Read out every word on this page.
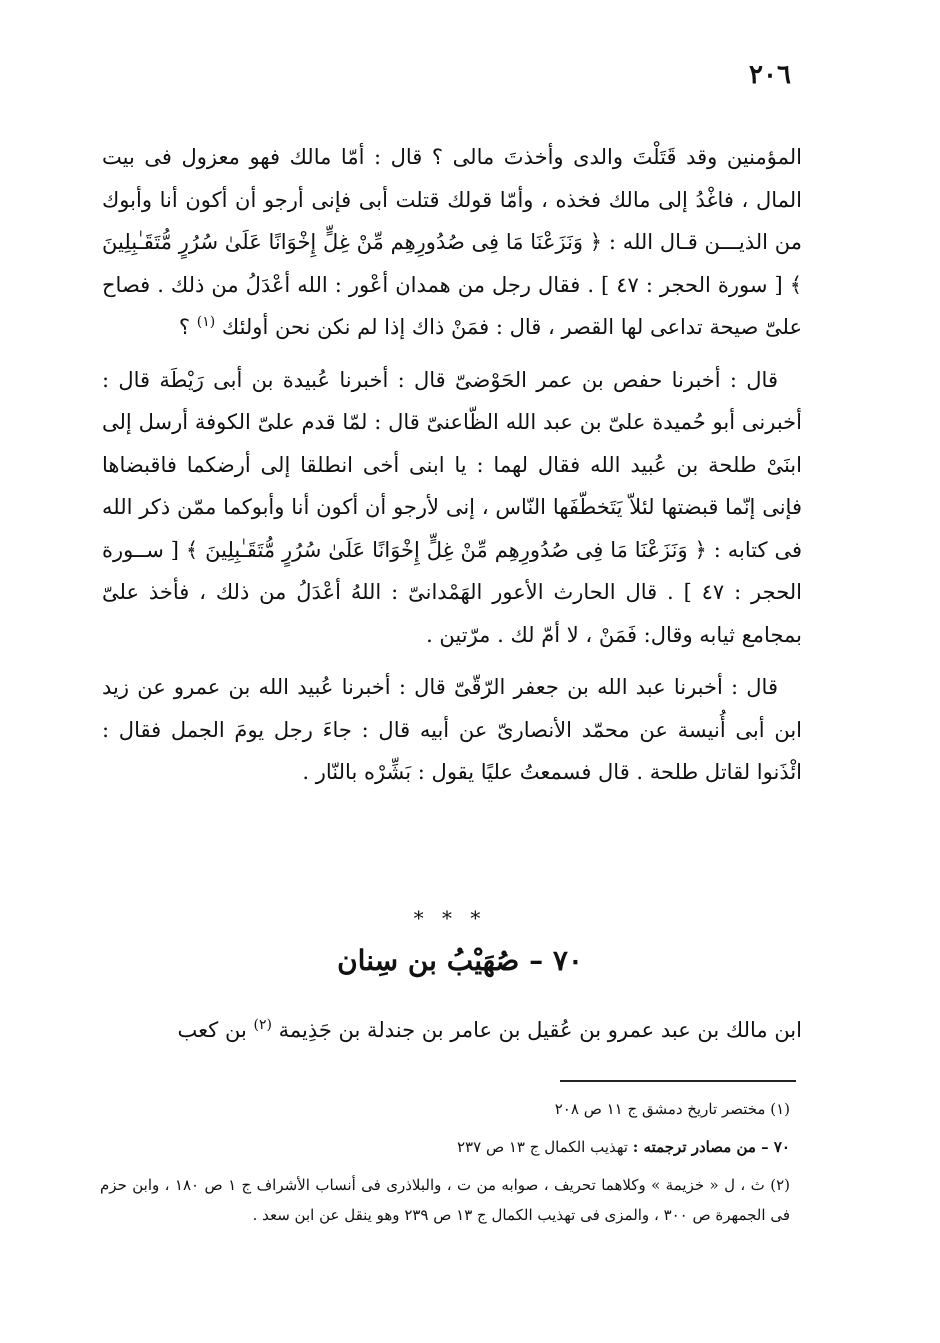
٢٠٦

المؤمنين وقد قَتَلْتَ والدى وأخذتَ مالى ؟ قال : أمّا مالك فهو معزول فى بيت المال ، فاغْدُ إلى مالك فخذه ، وأمّا قولك قتلت أبى فإنى أرجو أن أكون أنا وأبوك من الذيـــن قـال الله : ﴿ وَنَزَعْنَا مَا فِى صُدُورِهِم مِّنْ غِلٍّ إِخْوَانًا عَلَىٰ سُرُرٍ مُّتَقَـٰبِلِينَ ﴾ [ سورة الحجر : ٤٧ ] . فقال رجل من همدان أعْور : الله أعْدَلُ من ذلك . فصاح علىّ صيحة تداعى لها القصر ، قال : فمَنْ ذاك إذا لم نكن نحن أولئك $^{(١)}$ ؟

قال : أخبرنا حفص بن عمر الحَوْضىّ قال : أخبرنا عُبيدة بن أبى رَيْطَة قال : أخبرنى أبو حُميدة علىّ بن عبد الله الظّاعنىّ قال : لمّا قدم علىّ الكوفة أرسل إلى ابنَىْ طلحة بن عُبيد الله فقال لهما : يا ابنى أخى انطلقا إلى أرضكما فاقبضاها فإنى إنّما قبضتها لئلاّ يَتَخطّفَها النّاس ، إنى لأرجو أن أكون أنا وأبوكما ممّن ذكر الله فى كتابه : ﴿ وَنَزَعْنَا مَا فِى صُدُورِهِم مِّنْ غِلٍّ إِخْوَانًا عَلَىٰ سُرُرٍ مُّتَقَـٰبِلِينَ ﴾ [ ســورة الحجر : ٤٧ ] . قال الحارث الأعور الهَمْدانىّ : اللهُ أعْدَلُ من ذلك ، فأخذ علىّ بمجامع ثيابه وقال: فَمَنْ ، لا أمّ لك . مرّتين .

قال : أخبرنا عبد الله بن جعفر الرّقّىّ قال : أخبرنا عُبيد الله بن عمرو عن زيد ابن أبى أُنيسة عن محمّد الأنصارىّ عن أبيه قال : جاءَ رجل يومَ الجمل فقال : ائْذَنوا لقاتل طلحة . قال فسمعتُ عليًا يقول : بَشِّرْه بالنّار .

* * *
٧٠ – صُهَيْبُ بن سِنان
ابن مالك بن عبد عمرو بن عُقيل بن عامر بن جندلة بن جَذِيمة $^{(٢)}$ بن كعب

(١) مختصر تاريخ دمشق ج ١١ ص ٢٠٨

٧٠ – من مصادر ترجمته : تهذيب الكمال ج ١٣ ص ٢٣٧

(٢) ث ، ل « خزيمة » وكلاهما تحريف ، صوابه من ت ، والبلاذرى فى أنساب الأشراف ج ١ ص ١٨٠ ، وابن حزم فى الجمهرة ص ٣٠٠ ، والمزى فى تهذيب الكمال ج ١٣ ص ٢٣٩ وهو ينقل عن ابن سعد .
